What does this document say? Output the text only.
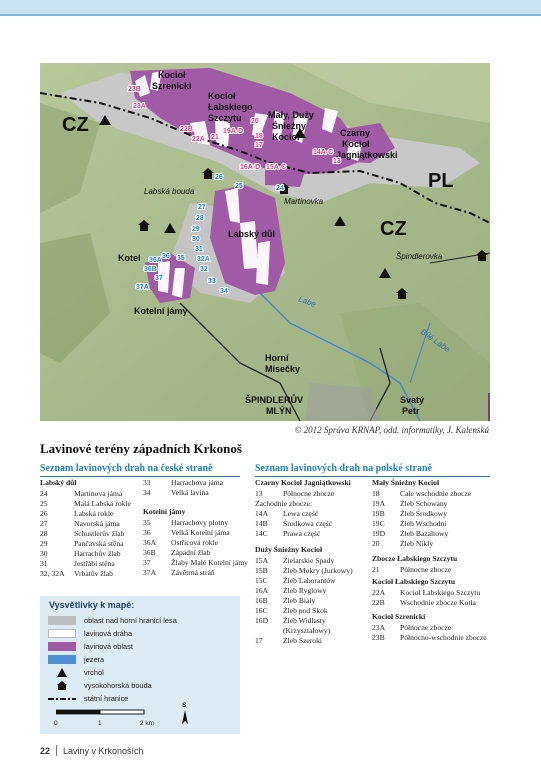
CZ
PL
CZ
Kocioł
Szrenicki
Kocioł
Łabskiego
Szczytu	Mały, Duży
Śnieżny
Kocioł	Czarny
Kocioł
Jagniątkowski
Labský důl
Kotel
Kotelní jámy
Horní
Mísečky
ŠPINDLERŮV
MLÝN
Svatý
Petr
Labská bouda
Martinovka
Špindlerovka
Labe
Bílé Labe
23B
23A
22B
22A 21
19A-D
20
18
17
16A-D 15A-C
14A-C
13
24
25
26
27
28
29
30
31
32A
32
33
34
35
36
36A
36B
37
37A
© 2012 Správa KRNAP, odd. informatiky, J. Kalenská
Lavinové terény západních Krkonoš
Seznam lavinových drah na české straně
Labský důl
24	Martinova jáma
25	Malá Labská rokle
26	Labská rokle
27	Navorská jáma
28	Schustlerův žlab
29	Pančavská stěna
30	Harrachův žlab
31	Jestřábí stěna
32, 32A	Vrbatův žlab
33	Harrachova jáma
34	Velká lavina
Kotelní jámy
35	Harrachovy plotny
36	Velká Kotelní jáma
36A	Ostřicová rokle
36B	Západní žlab
37	Žlaby Malé Kotelní jámy
37A	Závětrná stráň
Seznam lavinových drah na polské straně
Czarny Kocioł Jagniątkowski
13	Północne zbocze
Zachodnie zbocze:
14A	Lewa część
14B	Środkowa część
14C	Prawa część
Duży Śnieżny Kocioł
15A	Zielarskie Spady
15B	Żleb Mokry (Jurkowy)
15C	Żleb Laborantów
16A	Żleb Ryglowy
16B	Żleb Biały
16C	Żleb pod Skok
16D	Żleb Widlasty
(Krzyształowy)
17	Żleb Szeroki
Mały Śnieżny Kocioł
18	Całe wschodnie zbocze
19A	Żleb Schowany
19B	Żleb Środkowy
19C	Żleb Wschodni
19D	Żleb Bazaltowy
20	Żleb Nikły
Zbocze Łabskiego Szczytu
21	Północne zbocze
Kocioł Łabskiego Szczytu
22A	Kocioł Łabskiego Szczytu
22B	Wschodnie zbocze Kotla
Kocioł Szrenicki
23A	Północne zbocze
23B	Północno-wschodnie zbocze
Vysvětlivky k mapě:
oblast nad horní hranicí lesa
lavinová dráha
lavinová oblast
jezera
vrchol
vysokohorská bouda
státní hranice
0	1	2 km
S
22 Laviny v Krkonoších
